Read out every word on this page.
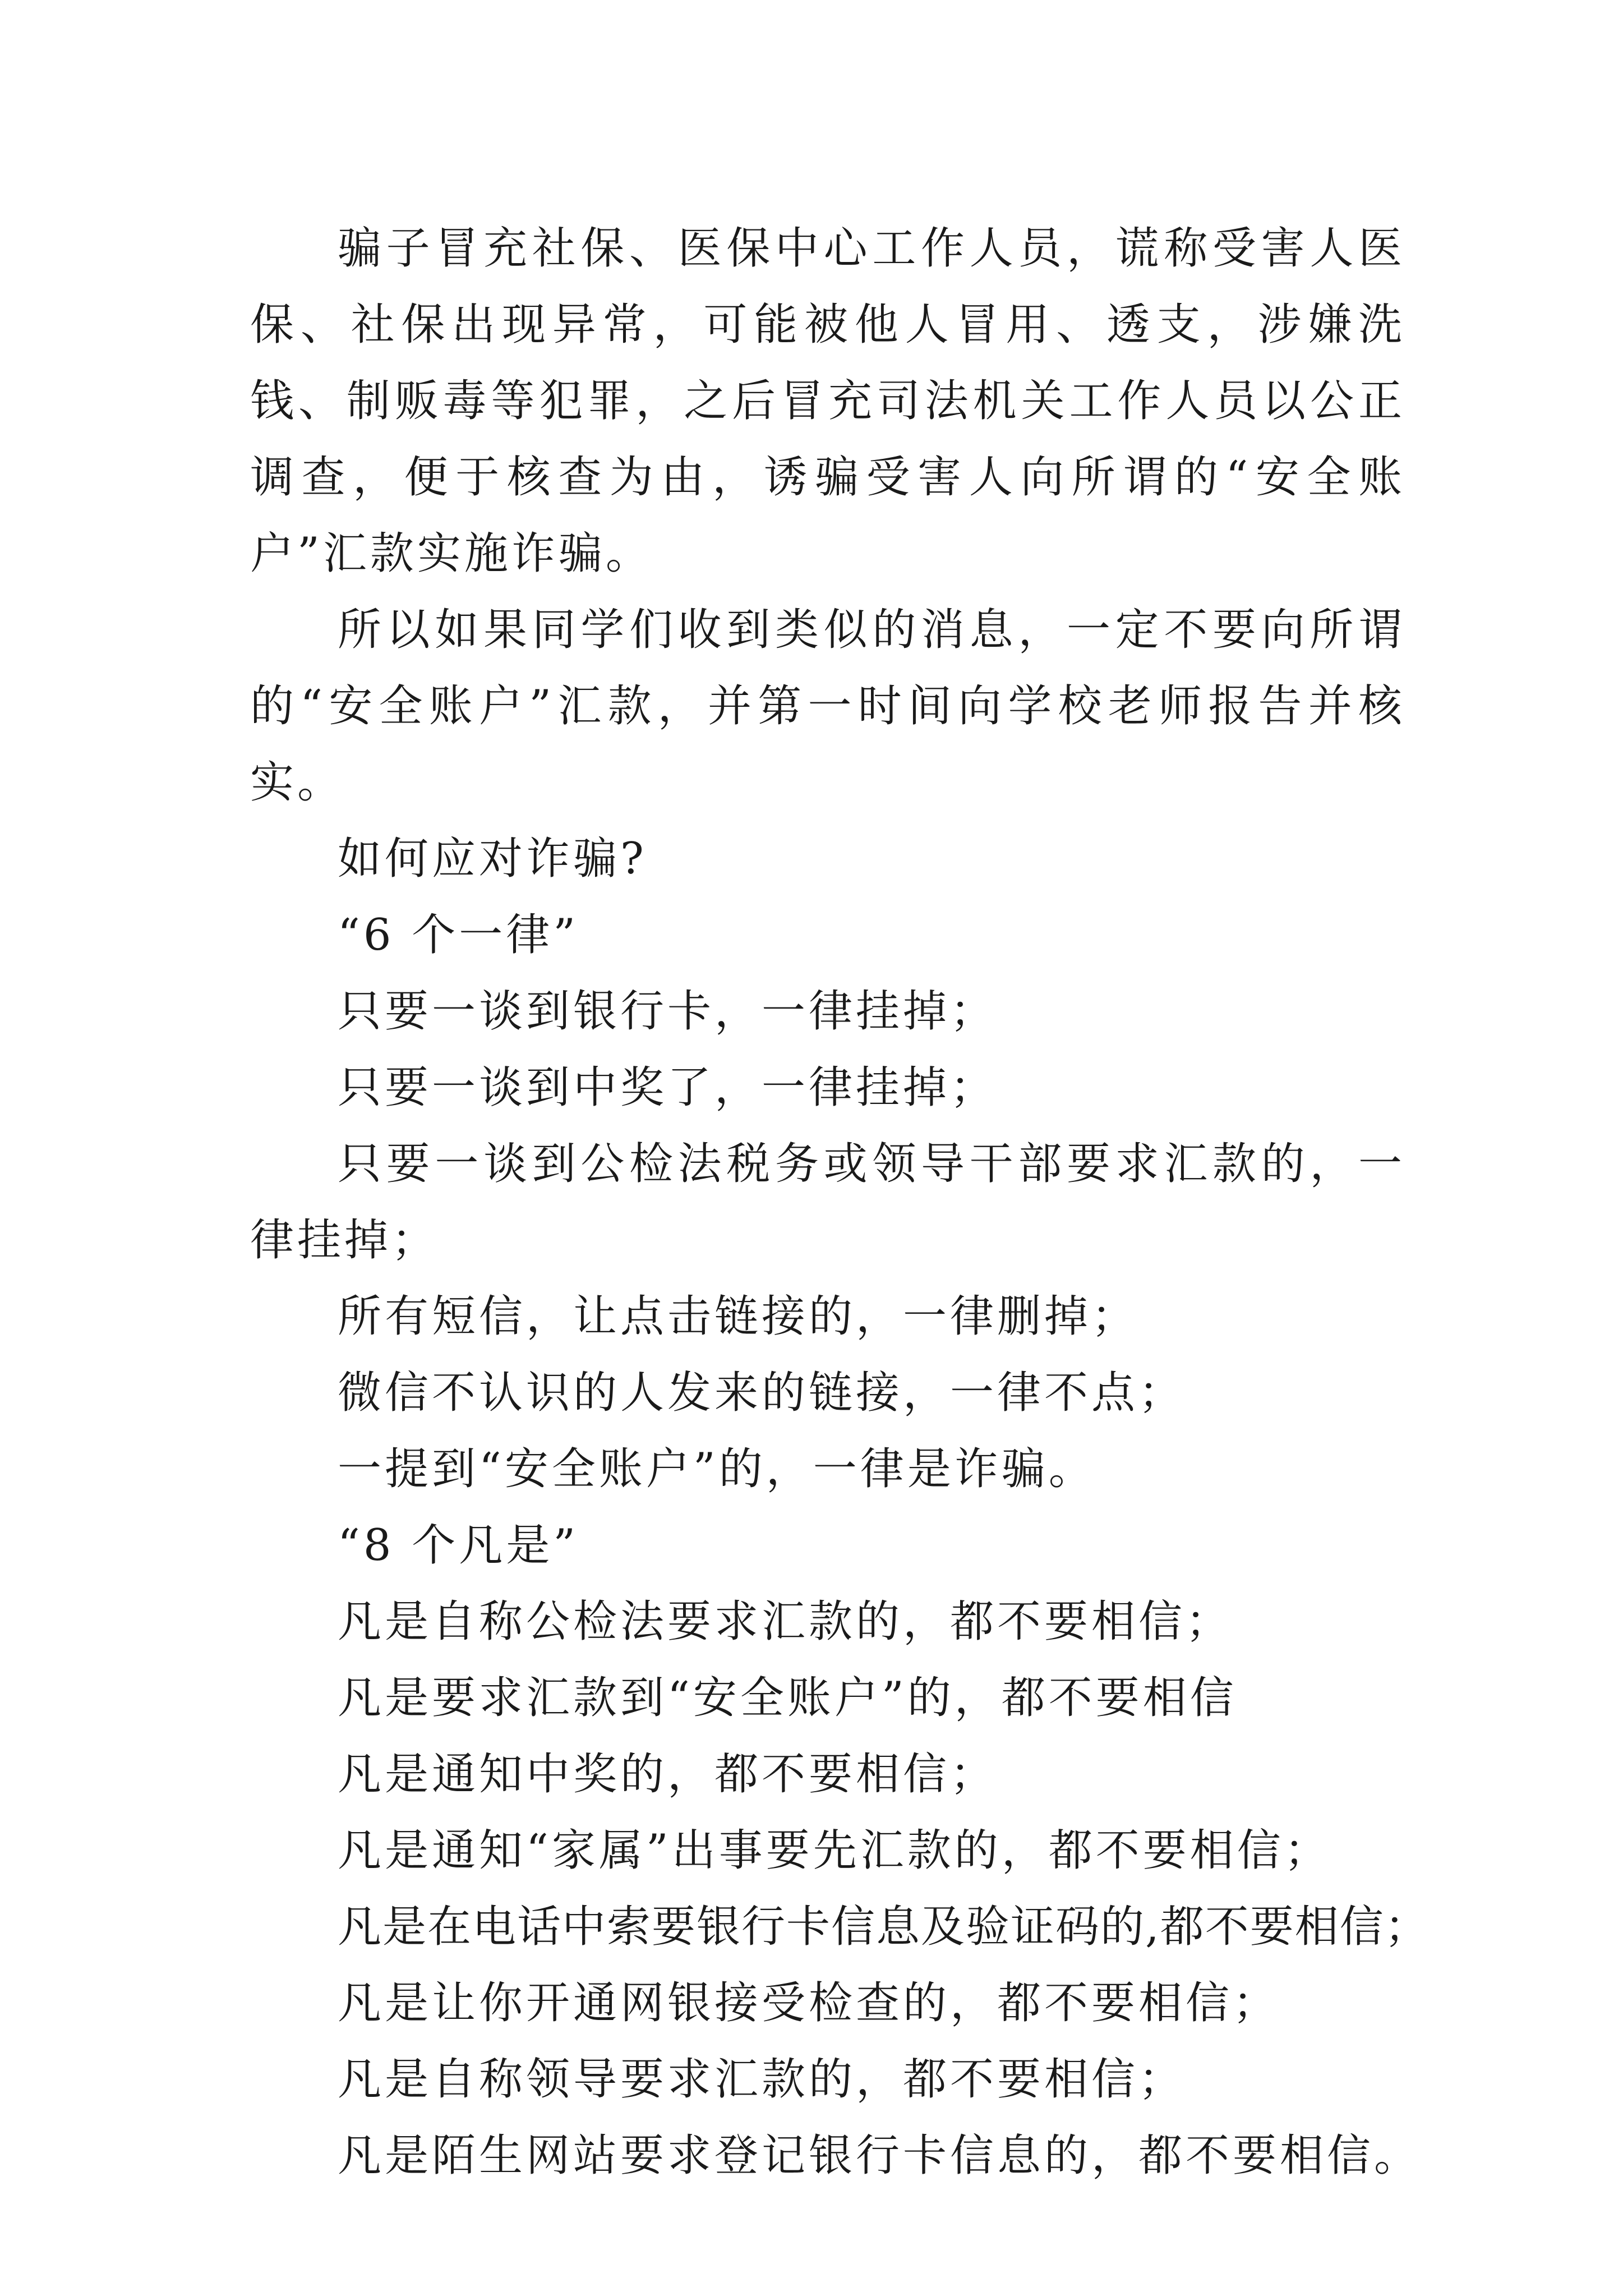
骗子冒充社保、医保中心工作人员，谎称受害人医保、社保出现异常，可能被他人冒用、透支，涉嫌洗钱、制贩毒等犯罪，之后冒充司法机关工作人员以公正调查，便于核查为由，诱骗受害人向所谓的“安全账户”汇款实施诈骗。

所以如果同学们收到类似的消息，一定不要向所谓的“安全账户”汇款，并第一时间向学校老师报告并核实。

如何应对诈骗?

“6 个一律”

只要一谈到银行卡，一律挂掉；

只要一谈到中奖了，一律挂掉；

只要一谈到公检法税务或领导干部要求汇款的，一律挂掉；

所有短信，让点击链接的，一律删掉；

微信不认识的人发来的链接，一律不点；

一提到“安全账户”的，一律是诈骗。

“8 个凡是”

凡是自称公检法要求汇款的，都不要相信；

凡是要求汇款到“安全账户”的，都不要相信

凡是通知中奖的，都不要相信；

凡是通知“家属”出事要先汇款的，都不要相信；

凡是在电话中索要银行卡信息及验证码的,都不要相信；

凡是让你开通网银接受检查的，都不要相信；

凡是自称领导要求汇款的，都不要相信；

凡是陌生网站要求登记银行卡信息的，都不要相信。
